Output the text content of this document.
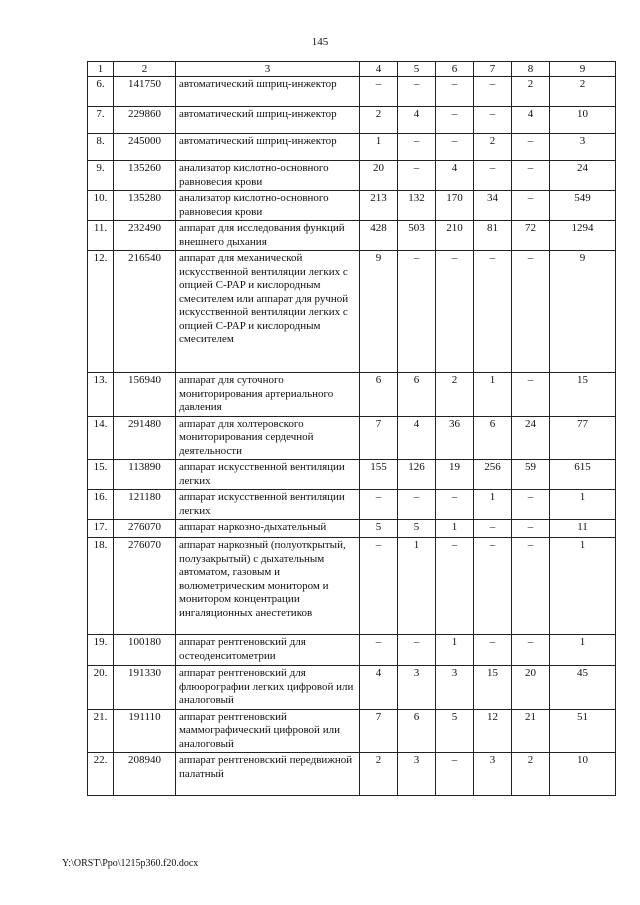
145
1	2	3	4	5	6	7	8	9
6.	141750	автоматический шприц-инжектор	–	–	–	–	2	2
7.	229860	автоматический шприц-инжектор	2	4	–	–	4	10
8.	245000	автоматический шприц-инжектор	1	–	–	2	–	3
9.	135260	анализатор кислотно-основного равновесия крови	20	–	4	–	–	24
10.	135280	анализатор кислотно-основного равновесия крови	213	132	170	34	–	549
11.	232490	аппарат для исследования функций внешнего дыхания	428	503	210	81	72	1294
12.	216540	аппарат для механической искусственной вентиляции легких с опцией C-PAP и кислородным смесителем или аппарат для ручной искусственной вентиляции легких с опцией C-PAP и кислородным смесителем	9	–	–	–	–	9
13.	156940	аппарат для суточного мониторирования артериального давления	6	6	2	1	–	15
14.	291480	аппарат для холтеровского мониторирования сердечной деятельности	7	4	36	6	24	77
15.	113890	аппарат искусственной вентиляции легких	155	126	19	256	59	615
16.	121180	аппарат искусственной вентиляции легких	–	–	–	1	–	1
17.	276070	аппарат наркозно-дыхательный	5	5	1	–	–	11
18.	276070	аппарат наркозный (полуоткрытый, полузакрытый) с дыхательным автоматом, газовым и волюметрическим монитором и монитором концентрации ингаляционных анестетиков	–	1	–	–	–	1
19.	100180	аппарат рентгеновский для остеоденситометрии	–	–	1	–	–	1
20.	191330	аппарат рентгеновский для флюорографии легких цифровой или аналоговый	4	3	3	15	20	45
21.	191110	аппарат рентгеновский маммографический цифровой или аналоговый	7	6	5	12	21	51
22.	208940	аппарат рентгеновский передвижной палатный	2	3	–	3	2	10
Y:\ORST\Ppo\1215p360.f20.docx
